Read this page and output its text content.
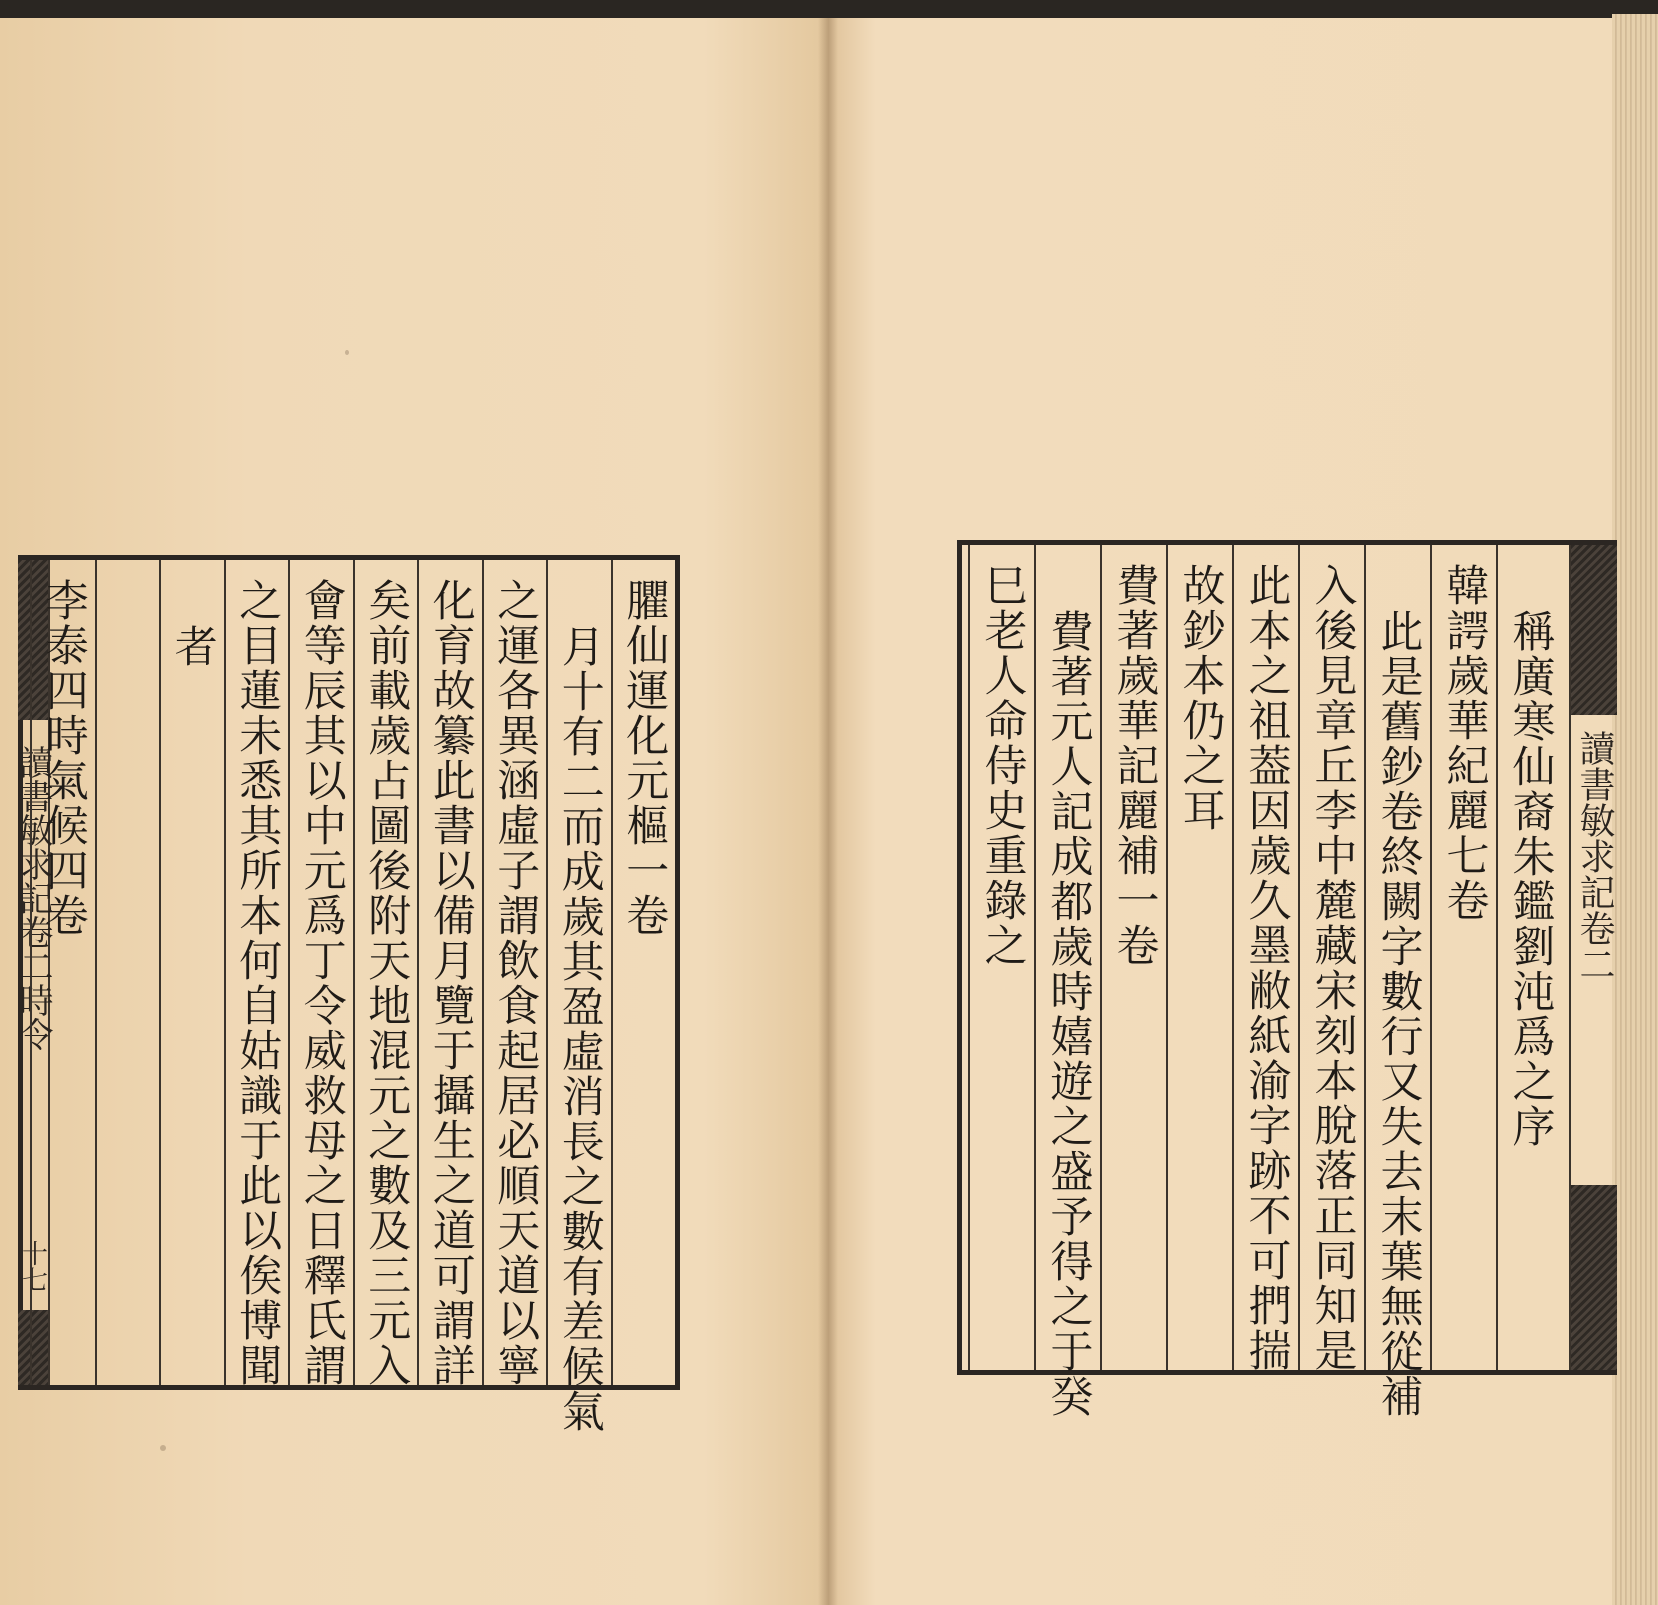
讀書敏求記卷二時令
十七
臞仙運化元樞一卷
月十有二而成歲其盈虛消長之數有差候氣
之運各異涵虛子謂飲食起居必順天道以寧
化育故纂此書以備月覽于攝生之道可謂詳
矣前載歲占圖後附天地混元之數及三元入
會等辰其以中元爲丁令威救母之日釋氏謂
之目蓮未悉其所本何自姑識于此以俟博聞
者
李泰四時氣候四卷	讀書敏求記卷二
稱廣寒仙裔朱鑑劉沌爲之序
韓諤歲華紀麗七卷
此是舊鈔卷終闕字數行又失去末葉無從補
入後見章丘李中麓藏宋刻本脫落正同知是
此本之祖葢因歲久墨敝紙渝字跡不可捫揣
故鈔本仍之耳
費著歲華記麗補一卷
費著元人記成都歲時嬉遊之盛予得之于癸
巳老人命侍史重錄之
